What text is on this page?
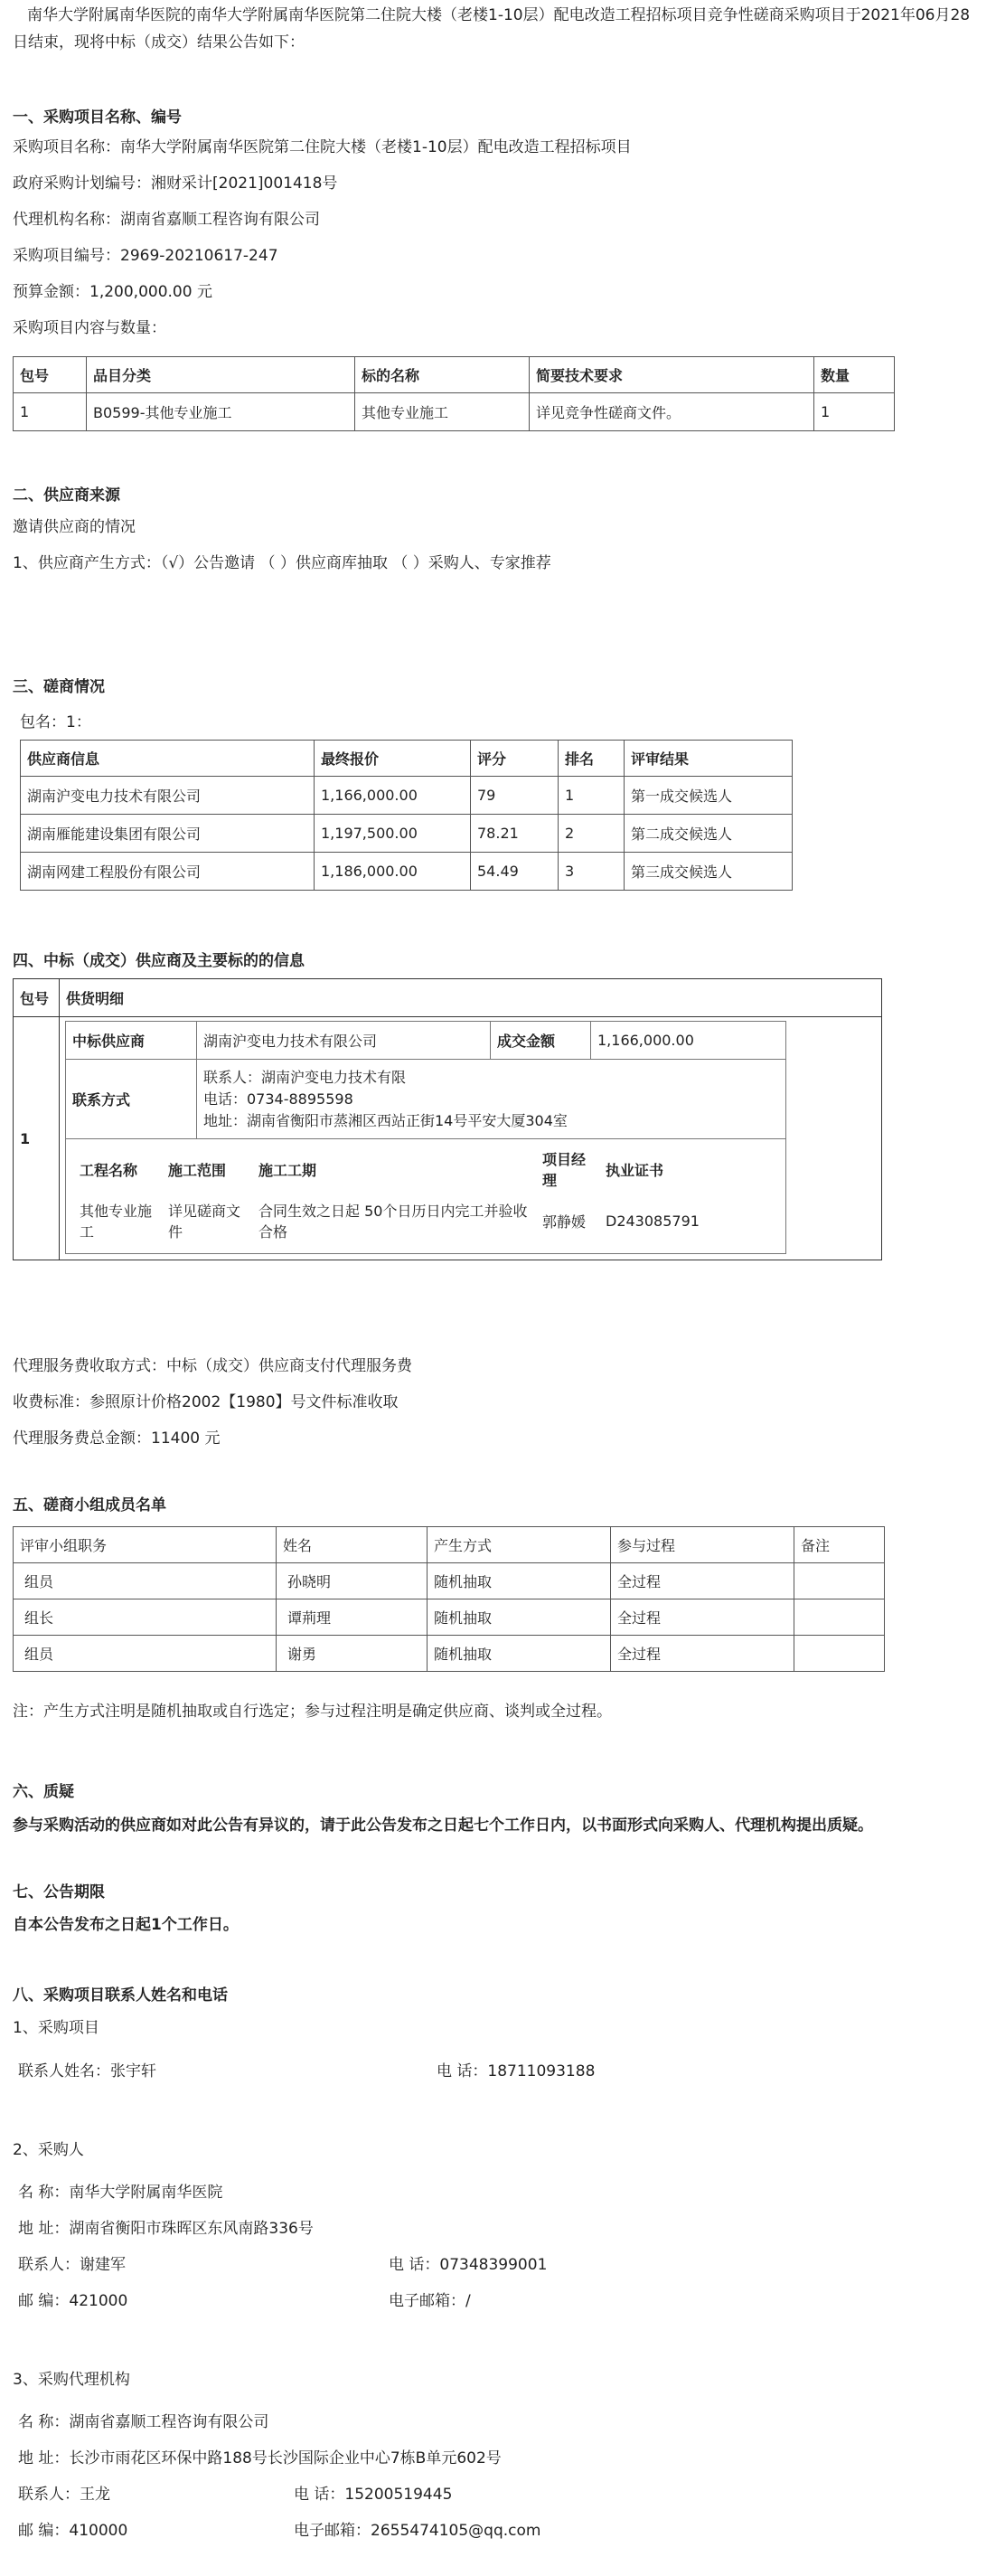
南华大学附属南华医院的南华大学附属南华医院第二住院大楼（老楼1-10层）配电改造工程招标项目竞争性磋商采购项目于2021年06月28日结束，现将中标（成交）结果公告如下：
一、采购项目名称、编号
采购项目名称：南华大学附属南华医院第二住院大楼（老楼1-10层）配电改造工程招标项目
政府采购计划编号：湘财采计[2021]001418号
代理机构名称：湖南省嘉顺工程咨询有限公司
采购项目编号：2969-20210617-247
预算金额：1,200,000.00 元
采购项目内容与数量：
包号	品目分类	标的名称	简要技术要求	数量
1	B0599-其他专业施工	其他专业施工	详见竞争性磋商文件。	1
二、供应商来源
邀请供应商的情况
1、供应商产生方式：（√）公告邀请 （ ）供应商库抽取 （ ）采购人、专家推荐
三、磋商情况
包名：1：
供应商信息	最终报价	评分	排名	评审结果
湖南沪变电力技术有限公司	1,166,000.00	79	1	第一成交候选人
湖南雁能建设集团有限公司	1,197,500.00	78.21	2	第二成交候选人
湖南网建工程股份有限公司	1,186,000.00	54.49	3	第三成交候选人
四、中标（成交）供应商及主要标的的信息
包号	供货明细
1	
中标供应商	湖南沪变电力技术有限公司	成交金额	1,166,000.00
联系方式	
联系人：湖南沪变电力技术有限
电话：0734-8895598
地址：湖南省衡阳市蒸湘区西站正街14号平安大厦304室

工程名称	施工范围	施工工期	项目经理	执业证书
其他专业施工	详见磋商文件	合同生效之日起 50个日历日内完工并验收合格	郭静媛	D243085791
代理服务费收取方式：中标（成交）供应商支付代理服务费
收费标准：参照原计价格2002【1980】号文件标准收取
代理服务费总金额：11400 元
五、磋商小组成员名单
评审小组职务	姓名	产生方式	参与过程	备注
组员	孙晓明	随机抽取	全过程	
组长	谭荊理	随机抽取	全过程	
组员	谢勇	随机抽取	全过程	
注：产生方式注明是随机抽取或自行选定；参与过程注明是确定供应商、谈判或全过程。
六、质疑
参与采购活动的供应商如对此公告有异议的，请于此公告发布之日起七个工作日内，以书面形式向采购人、代理机构提出质疑。
七、公告期限
自本公告发布之日起1个工作日。
八、采购项目联系人姓名和电话
1、采购项目
联系人姓名：张宇轩	电 话：18711093188
2、采购人
名 称：南华大学附属南华医院
地 址：湖南省衡阳市珠晖区东风南路336号
联系人：谢建军	电 话：07348399001
邮 编：421000	电子邮箱：/
3、采购代理机构
名 称：湖南省嘉顺工程咨询有限公司
地 址：长沙市雨花区环保中路188号长沙国际企业中心7栋B单元602号
联系人：王龙	电 话：15200519445
邮 编：410000	电子邮箱：2655474105@qq.com
